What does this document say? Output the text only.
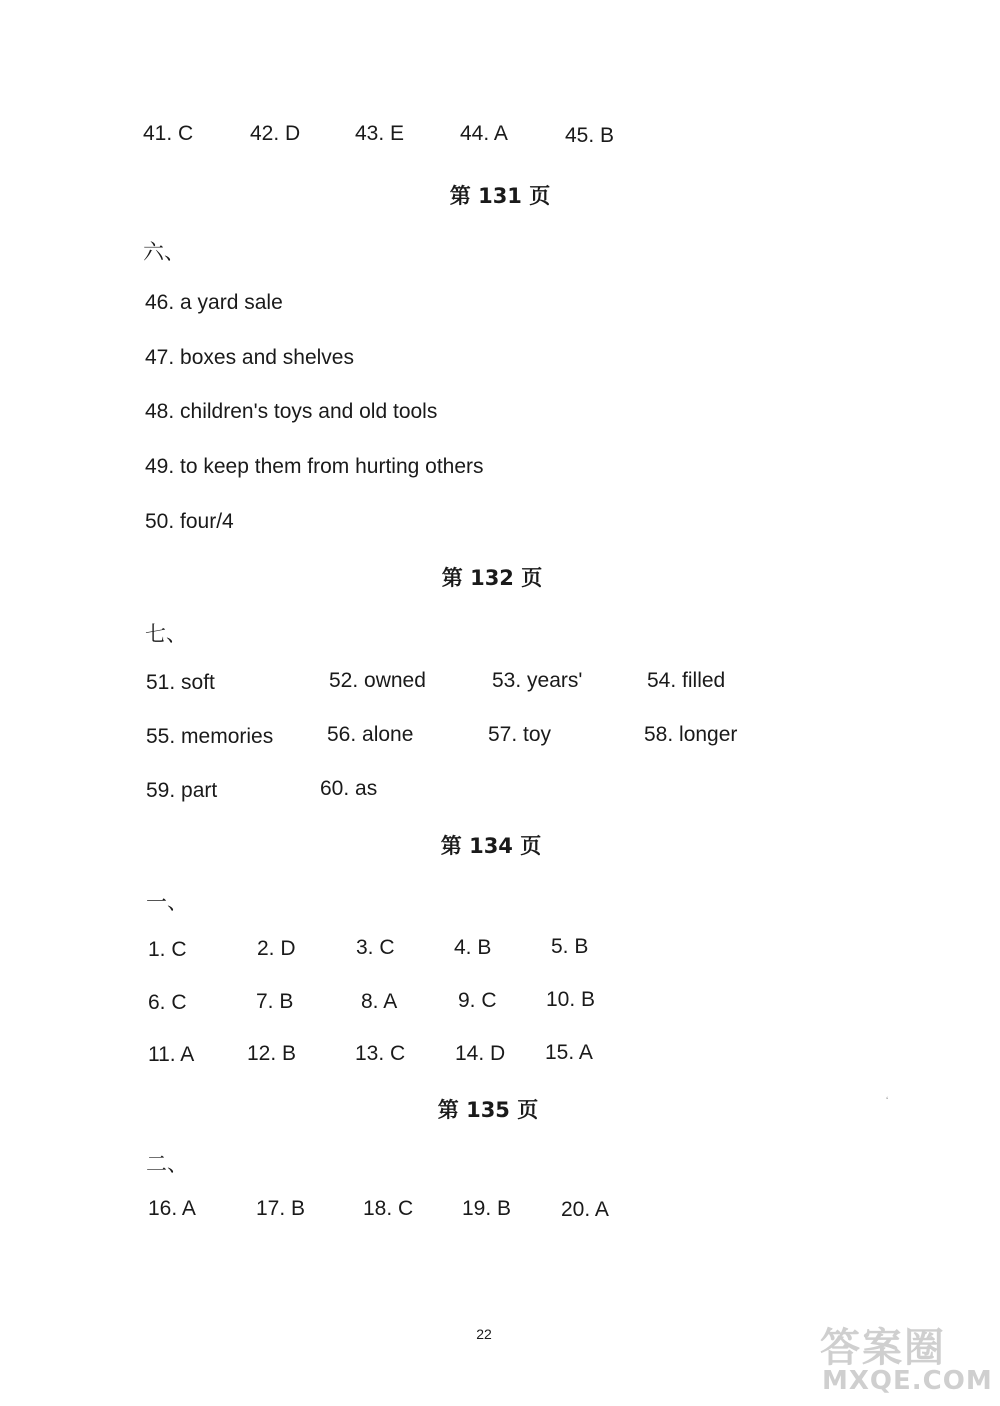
41. C	42. D	43. E	44. A	45. B
第 131 页
六、
46. a yard sale
47. boxes and shelves
48. children's toys and old tools
49. to keep them from hurting others
50. four/4
第 132 页
七、
51. soft	52. owned	53. years'	54. filled
55. memories	56. alone	57. toy	58. longer
59. part	60. as
第 134 页
一、
1. C	2. D	3. C	4. B	5. B
6. C	7. B	8. A	9. C 10. B
11. A	12. B	13. C 14. D 15. A
第 135 页
二、
16. A	17. B	18. C 19. B 20. A
ʻ
22	答案圈
MXQE.COM
